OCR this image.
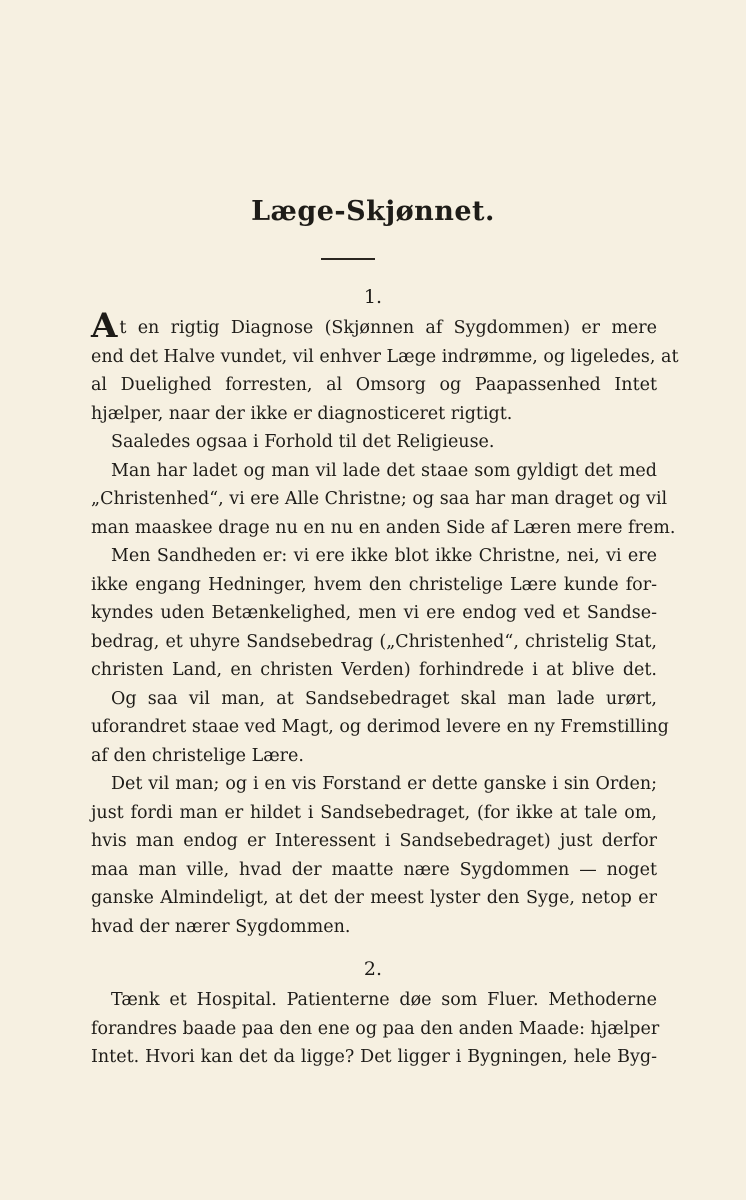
Læge-Skjønnet.
1.
At en rigtig Diagnose (Skjønnen af Sygdommen) er mere
end det Halve vundet, vil enhver Læge indrømme, og ligeledes, at
al Duelighed forresten, al Omsorg og Paapassenhed Intet
hjælper, naar der ikke er diagnosticeret rigtigt.
Saaledes ogsaa i Forhold til det Religieuse.
Man har ladet og man vil lade det staae som gyldigt det med
„Christenhed“, vi ere Alle Christne; og saa har man draget og vil
man maaskee drage nu en nu en anden Side af Læren mere frem.
Men Sandheden er: vi ere ikke blot ikke Christne, nei, vi ere
ikke engang Hedninger, hvem den christelige Lære kunde for-
kyndes uden Betænkelighed, men vi ere endog ved et Sandse-
bedrag, et uhyre Sandsebedrag („Christenhed“, christelig Stat,
christen Land, en christen Verden) forhindrede i at blive det.
Og saa vil man, at Sandsebedraget skal man lade urørt,
uforandret staae ved Magt, og derimod levere en ny Fremstilling
af den christelige Lære.
Det vil man; og i en vis Forstand er dette ganske i sin Orden;
just fordi man er hildet i Sandsebedraget, (for ikke at tale om,
hvis man endog er Interessent i Sandsebedraget) just derfor
maa man ville, hvad der maatte nære Sygdommen — noget
ganske Almindeligt, at det der meest lyster den Syge, netop er
hvad der nærer Sygdommen.
2.
Tænk et Hospital. Patienterne døe som Fluer. Methoderne
forandres baade paa den ene og paa den anden Maade: hjælper
Intet. Hvori kan det da ligge? Det ligger i Bygningen, hele Byg-
